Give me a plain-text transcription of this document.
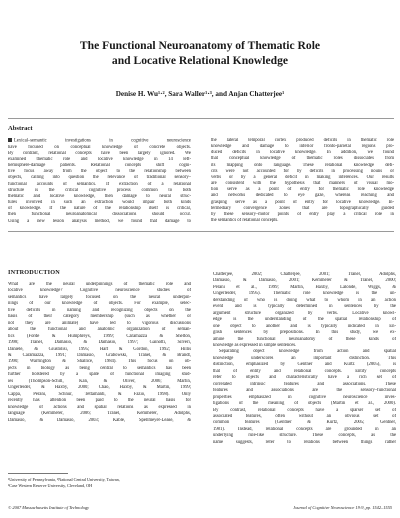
The Functional Neuroanatomy of Thematic Role
and Locative Relational Knowledge
Denise H. Wu¹·², Sara Waller¹·³, and Anjan Chatterjee¹
Abstract
Lexical–semantic investigations in cognitive neuroscience
have focused on conceptual knowledge of concrete objects.
By contrast, relational concepts have been largely ignored. We
examined thematic role and locative knowledge in 14 left-
hemisphere-damage patients. Relational concepts shift cogni-
tive focus away from the object to the relationship between
objects, calling into question the relevance of traditional sensory–
functional accounts of semantics. If extraction of a relational
structure is the critical cognitive process common to both
thematic and locative knowledge, then damage to neural struc-
tures involved in such an extraction would impair both kinds
of knowledge. If the nature of the relationship itself is critical,
then functional neuroanatomical dissociations should occur.
Using a new lesion analysis method, we found that damage to
the lateral temporal cortex produced deficits in thematic role
knowledge and damage to inferior fronto-parietal regions pro-
duced deficits in locative knowledge. In addition, we found
that conceptual knowledge of thematic roles dissociates from
its mapping onto language. These relational knowledge defi-
cits were not accounted for by deficits in processing nouns or
verbs or by a general deficit in making inferences. Our results
are consistent with the hypothesis that manners of visual mo-
tion serve as a point of entry for thematic role knowledge
and networks dedicated to eye gaze, whereas reaching and
grasping serve as a point of entry for locative knowledge. In-
termediary convergence zones that are topographically guided
by these sensory–motor points of entry play a critical role in
the semantics of relational concepts.
INTRODUCTION
What are the neural underpinnings of thematic role and
locative knowledge? Cognitive neuroscience studies of
semantics have largely focused on the neural underpin-
nings of our knowledge of objects. For example, selec-
tive deficits in naming and recognizing objects on the
basis of their category membership (such as whether or
not they are animate) have led to vigorous discussions
about the functional and anatomic organization of seman-
tics (Forde & Humphreys, 1999; Caramazza & Shelton,
1998; Tranel, Damasio, & Damasio, 1997; Gainotti, Silveri,
Daniele, & Giustolisi, 1995; Hart & Gordon, 1992; Hillis
& Caramazza, 1991; Damasio, Grabowski, Tranel, & Brandt,
1990; Warrington & Shallice, 1984). This focus on ob-
jects in biology as being central to semantics has been
further bolstered by a spate of functional imaging stud-
ies (Thompson-Schill, Kan, & Oliver, 2006; Martin,
Ungerleider, & Haxby, 2000; Chao, Haxby, & Martin, 1999;
Cappa, Perani, Schnur, Tettamanti, & Fazio, 1998). Only
recently has attention been paid to the neural basis for
knowledge of actions and spatial relations as expressed in
language (Kemmerer, 2006; Tranel, Kemmerer, Adolphs,
Damasio, & Damasio, 2003; Kable, Spellmeyer-Lease, &
Chatterjee, 2002; Chatterjee, 2001; Tranel, Adolphs,
Damasio, & Damasio, 2001; Kemmerer & Tranel, 2000;
Perani et al., 1999; Martin, Haxby, Lalonde, Wiggs, &
Ungerleider, 1995). Thematic role knowledge is the un-
derstanding of who is doing what to whom in an action
event and is typically determined in sentences by the
argument structure organized by verbs. Locative knowl-
edge is the understanding of the spatial relationship of
one object to another and is typically indicated in En-
glish sentences by prepositions. In this study, we ex-
amine the functional neuroanatomy of these kinds of
knowledge as expressed in simple sentences.
Separating object knowledge from action and spatial
knowledge underscores an important distinction. This
distinction, emphasized by Gentner and Kurtz (2005), is
that of entity and relational concepts. Entity concepts
refer to objects and characteristically have a rich set of
correlated intrinsic features and associations. These
features and associations are the sensory–functional
properties emphasized in cognitive neuroscience inves-
tigations of the meaning of objects (Martin et al., 2000).
By contrast, relational concepts have a sparser set of
associated features, often without an obvious set of
common features (Gentner & Kurtz, 2005; Gentner,
1981). Instead, relational concepts are grounded in an
underlying rule-like structure. These concepts, as the
name suggests, refer to relations between things rather
¹University of Pennsylvania, ²National Central University, Taiwan,
³Case Western Reserve University, Cleveland, OH
© 2007 Massachusetts Institute of Technology	Journal of Cognitive Neuroscience 19:9, pp. 1542–1555
